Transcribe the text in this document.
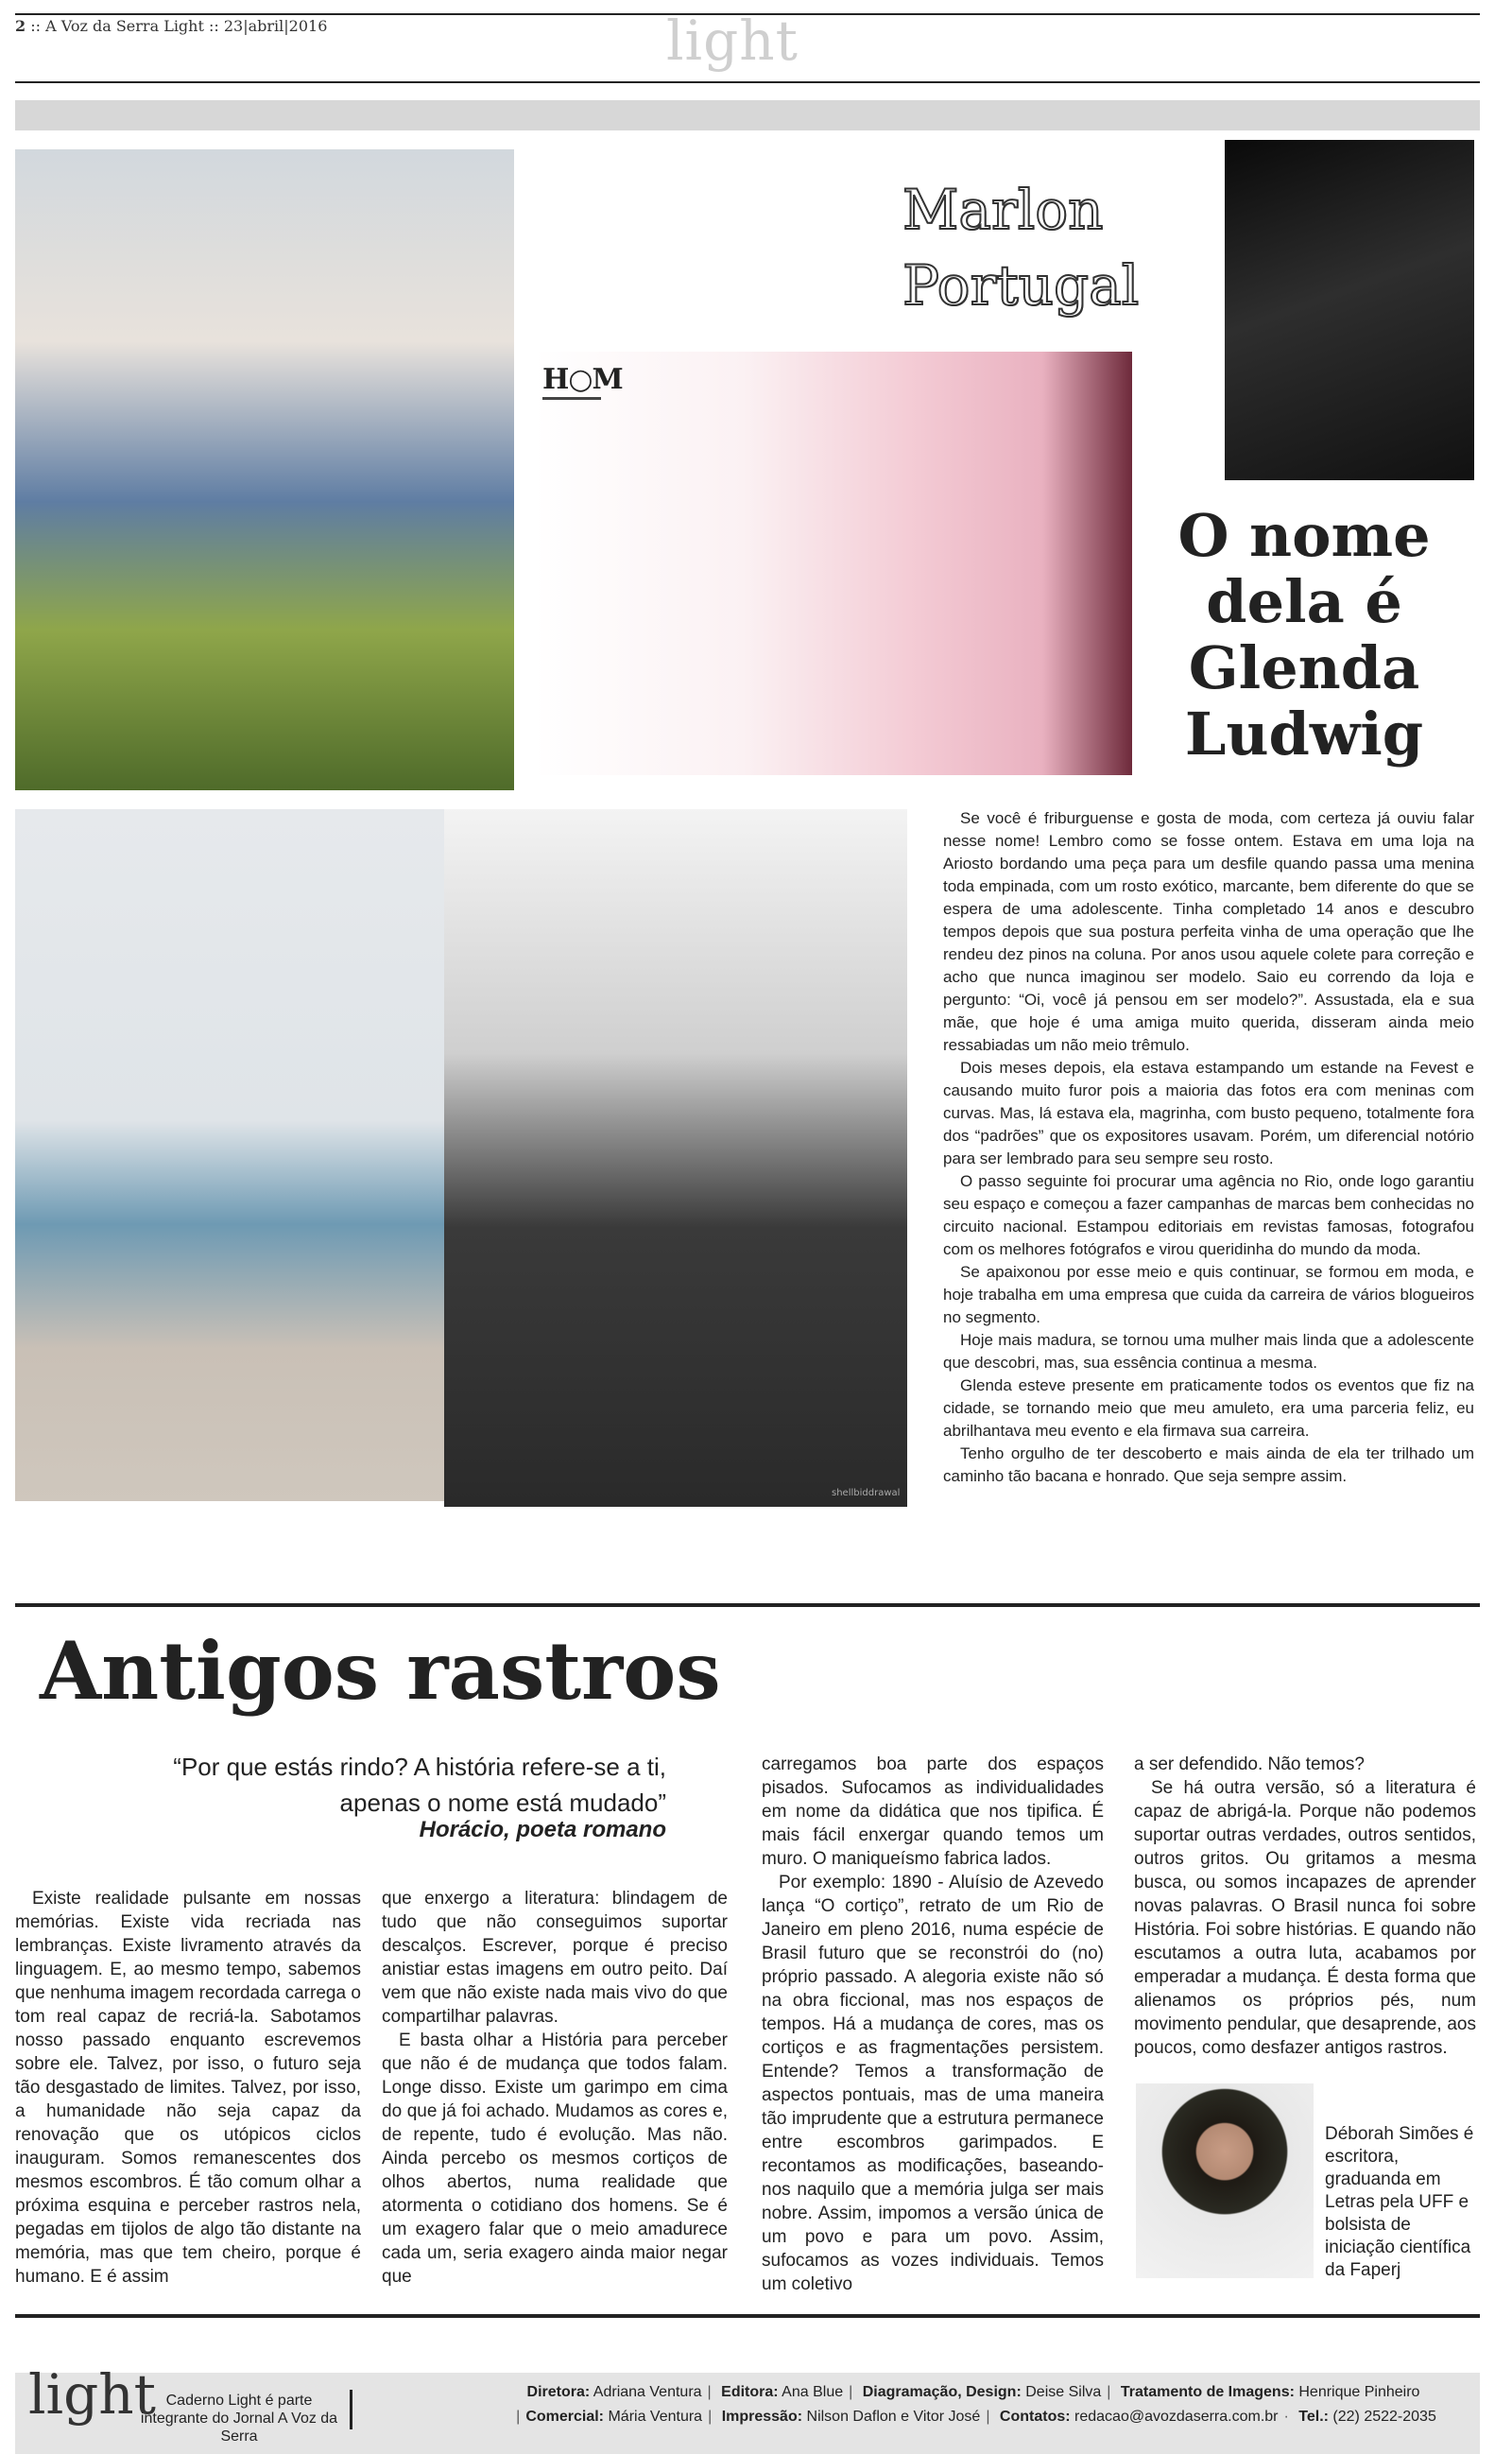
2 :: A Voz da Serra Light :: 23|abril|2016	light
H○M
Marlon
Portugal
O nome dela é Glenda Ludwig

Se você é friburguense e gosta de moda, com certeza já ouviu falar nesse nome! Lembro como se fosse ontem. Estava em uma loja na Ariosto bordando uma peça para um desfile quando passa uma menina toda empinada, com um rosto exótico, marcante, bem diferente do que se espera de uma adolescente. Tinha completado 14 anos e descubro tempos depois que sua postura perfeita vinha de uma operação que lhe rendeu dez pinos na coluna. Por anos usou aquele colete para correção e acho que nunca imaginou ser modelo. Saio eu correndo da loja e pergunto: “Oi, você já pensou em ser modelo?”. Assustada, ela e sua mãe, que hoje é uma amiga muito querida, disseram ainda meio ressabiadas um não meio trêmulo.

Dois meses depois, ela estava estampando um estande na Fevest e causando muito furor pois a maioria das fotos era com meninas com curvas. Mas, lá estava ela, magrinha, com busto pequeno, totalmente fora dos “padrões” que os expositores usavam. Porém, um diferencial notório para ser lembrado para seu sempre seu rosto.

O passo seguinte foi procurar uma agência no Rio, onde logo garantiu seu espaço e começou a fazer campanhas de marcas bem conhecidas no circuito nacional. Estampou editoriais em revistas famosas, fotografou com os melhores fotógrafos e virou queridinha do mundo da moda.

Se apaixonou por esse meio e quis continuar, se formou em moda, e hoje trabalha em uma empresa que cuida da carreira de vários blogueiros no segmento.

Hoje mais madura, se tornou uma mulher mais linda que a adolescente que descobri, mas, sua essência continua a mesma.

Glenda esteve presente em praticamente todos os eventos que fiz na cidade, se tornando meio que meu amuleto, era uma parceria feliz, eu abrilhantava meu evento e ela firmava sua carreira.

Tenho orgulho de ter descoberto e mais ainda de ela ter trilhado um caminho tão bacana e honrado. Que seja sempre assim.

shellbiddrawal
Antigos rastros
“Por que estás rindo? A história refere-se a ti,
apenas o nome está mudado”
Horácio, poeta romano

Existe realidade pulsante em nossas memórias. Existe vida recriada nas lembranças. Existe livramento através da linguagem. E, ao mesmo tempo, sabemos que nenhuma imagem recordada carrega o tom real capaz de recriá-la. Sabotamos nosso passado enquanto escrevemos sobre ele. Talvez, por isso, o futuro seja tão desgastado de limites. Talvez, por isso, a humanidade não seja capaz da renovação que os utópicos ciclos inauguram. Somos remanescentes dos mesmos escombros. É tão comum olhar a próxima esquina e perceber rastros nela, pegadas em tijolos de algo tão distante na memória, mas que tem cheiro, porque é humano. E é assim

que enxergo a literatura: blindagem de tudo que não conseguimos suportar descalços. Escrever, porque é preciso anistiar estas imagens em outro peito. Daí vem que não existe nada mais vivo do que compartilhar palavras.

E basta olhar a História para perceber que não é de mudança que todos falam. Longe disso. Existe um garimpo em cima do que já foi achado. Mudamos as cores e, de repente, tudo é evolução. Mas não. Ainda percebo os mesmos cortiços de olhos abertos, numa realidade que atormenta o cotidiano dos homens. Se é um exagero falar que o meio amadurece cada um, seria exagero ainda maior negar que

carregamos boa parte dos espaços pisados. Sufocamos as individualidades em nome da didática que nos tipifica. É mais fácil enxergar quando temos um muro. O maniqueísmo fabrica lados.

Por exemplo: 1890 - Aluísio de Azevedo lança “O cortiço”, retrato de um Rio de Janeiro em pleno 2016, numa espécie de Brasil futuro que se reconstrói do (no) próprio passado. A alegoria existe não só na obra ficcional, mas nos espaços de tempos. Há a mudança de cores, mas os cortiços e as fragmentações persistem. Entende? Temos a transformação de aspectos pontuais, mas de uma maneira tão imprudente que a estrutura permanece entre escombros garimpados. E recontamos as modificações, baseando-nos naquilo que a memória julga ser mais nobre. Assim, impomos a versão única de um povo e para um povo. Assim, sufocamos as vozes individuais. Temos um coletivo

a ser defendido. Não temos?

Se há outra versão, só a literatura é capaz de abrigá-la. Porque não podemos suportar outras verdades, outros sentidos, outros gritos. Ou gritamos a mesma busca, ou somos incapazes de aprender novas palavras. O Brasil nunca foi sobre História. Foi sobre histórias. E quando não escutamos a outra luta, acabamos por emperadar a mudança. É desta forma que alienamos os próprios pés, num movimento pendular, que desaprende, aos poucos, como desfazer antigos rastros.

Déborah Simões é escritora, graduanda em Letras pela UFF e bolsista de iniciação científica da Faperj
light Caderno Light é parte integrante do Jornal A Voz da Serra
Diretora: Adriana Ventura | Editora: Ana Blue | Diagramação, Design: Deise Silva | Tratamento de Imagens: Henrique Pinheiro
| Comercial: Mária Ventura | Impressão: Nilson Daflon e Vitor José | Contatos: redacao@avozdaserra.com.br · Tel.: (22) 2522-2035
